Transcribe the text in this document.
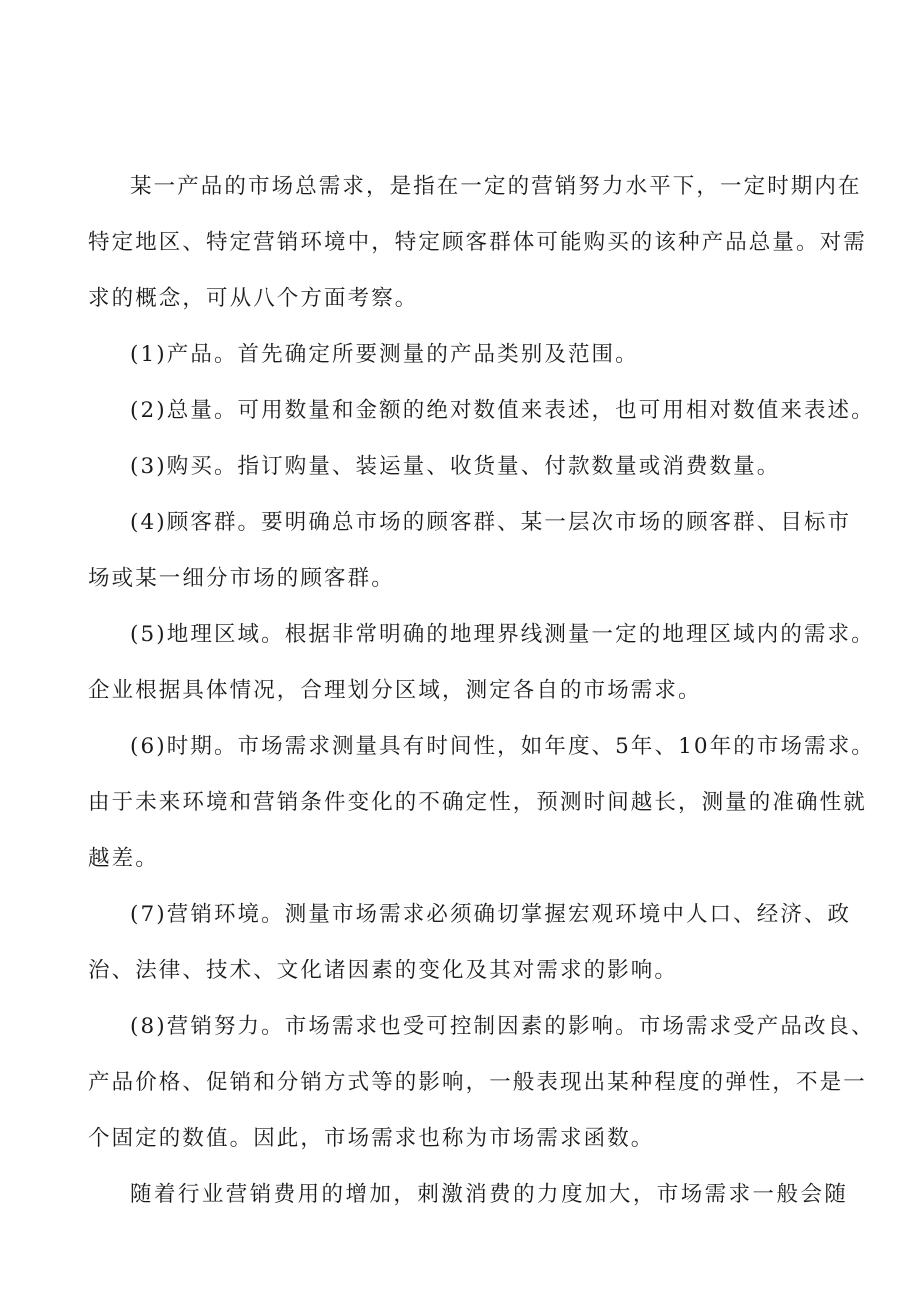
某一产品的市场总需求，是指在一定的营销努力水平下，一定时期内在
特定地区、特定营销环境中，特定顾客群体可能购买的该种产品总量。对需
求的概念，可从八个方面考察。
(1)产品。首先确定所要测量的产品类别及范围。
(2)总量。可用数量和金额的绝对数值来表述，也可用相对数值来表述。
(3)购买。指订购量、装运量、收货量、付款数量或消费数量。
(4)顾客群。要明确总市场的顾客群、某一层次市场的顾客群、目标市
场或某一细分市场的顾客群。
(5)地理区域。根据非常明确的地理界线测量一定的地理区域内的需求。
企业根据具体情况，合理划分区域，测定各自的市场需求。
(6)时期。市场需求测量具有时间性，如年度、5年、10年的市场需求。
由于未来环境和营销条件变化的不确定性，预测时间越长，测量的准确性就
越差。
(7)营销环境。测量市场需求必须确切掌握宏观环境中人口、经济、政
治、法律、技术、文化诸因素的变化及其对需求的影响。
(8)营销努力。市场需求也受可控制因素的影响。市场需求受产品改良、
产品价格、促销和分销方式等的影响，一般表现出某种程度的弹性，不是一
个固定的数值。因此，市场需求也称为市场需求函数。
随着行业营销费用的增加，刺激消费的力度加大，市场需求一般会随
